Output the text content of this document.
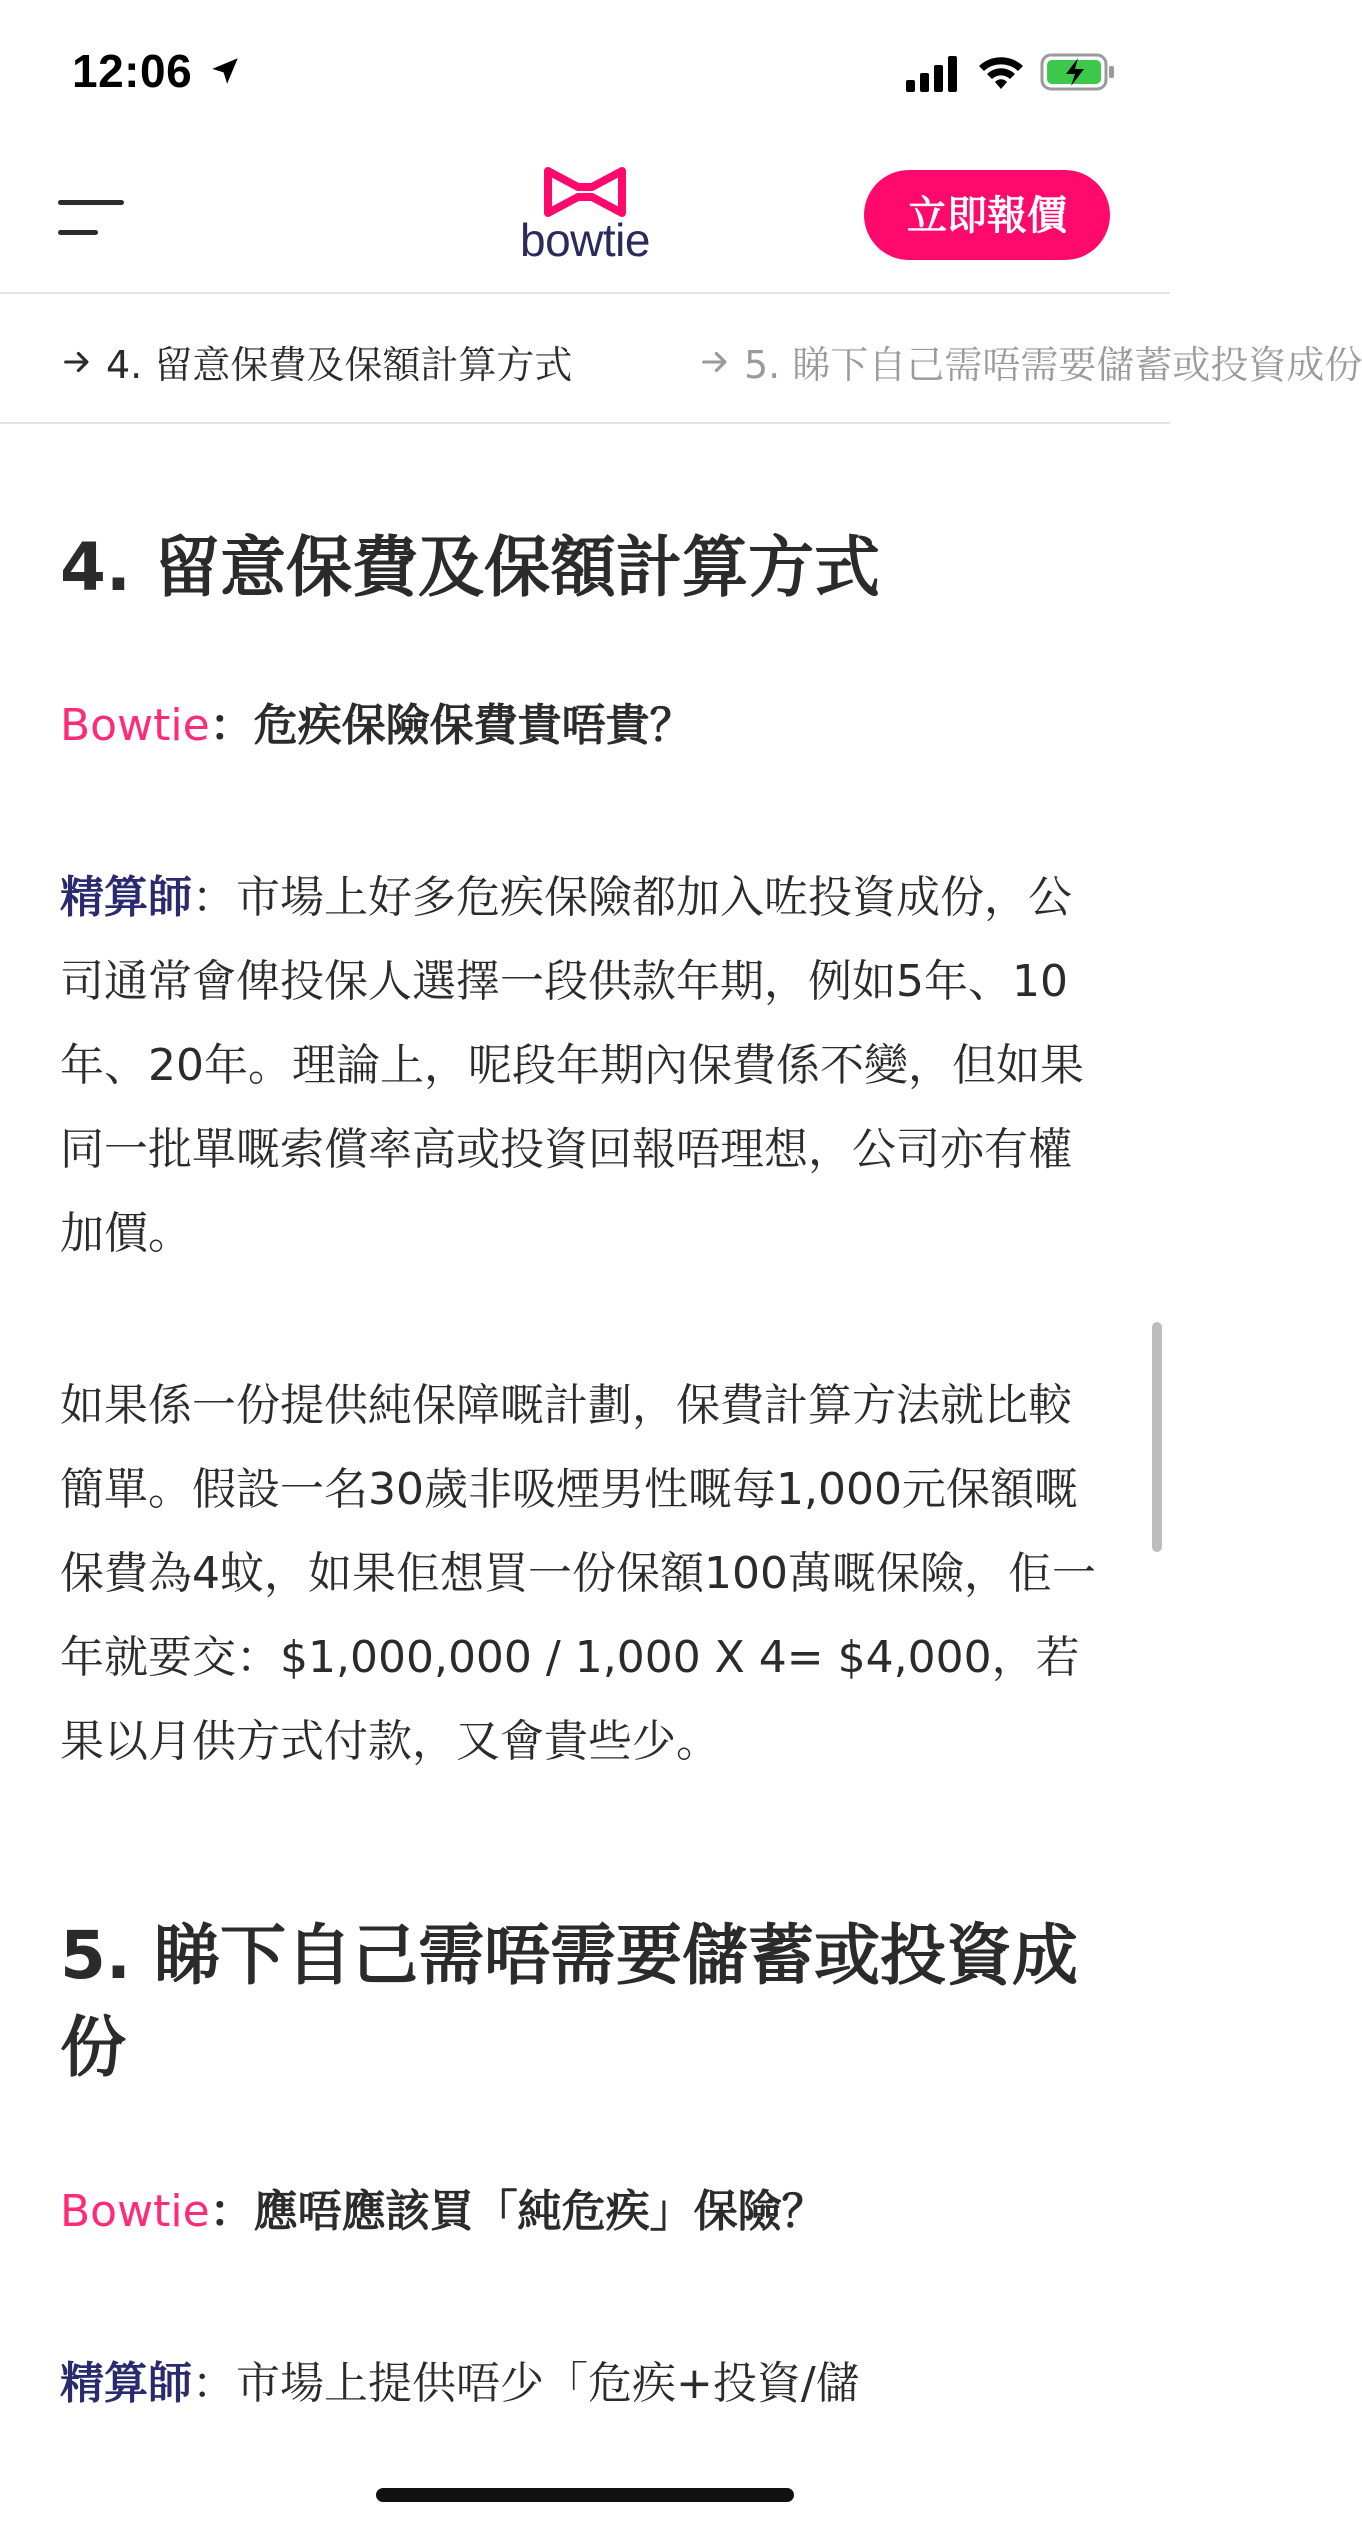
12:06
bowtie	立即報價
4. 留意保費及保額計算方式	5. 睇下自己需唔需要儲蓄或投資成份
4. 留意保費及保額計算方式

Bowtie：危疾保險保費貴唔貴？

精算師：市場上好多危疾保險都加入咗投資成份，公司通常會俾投保人選擇一段供款年期，例如5年、10年、20年。理論上，呢段年期內保費係不變，但如果同一批單嘅索償率高或投資回報唔理想，公司亦有權加價。

如果係一份提供純保障嘅計劃，保費計算方法就比較簡單。假設一名30歲非吸煙男性嘅每1,000元保額嘅保費為4蚊，如果佢想買一份保額100萬嘅保險，佢一年就要交：$1,000,000 / 1,000 X 4= $4,000，若果以月供方式付款，又會貴些少。

5. 睇下自己需唔需要儲蓄或投資成份

Bowtie：應唔應該買「純危疾」保險？

精算師：市場上提供唔少「危疾+投資/儲
